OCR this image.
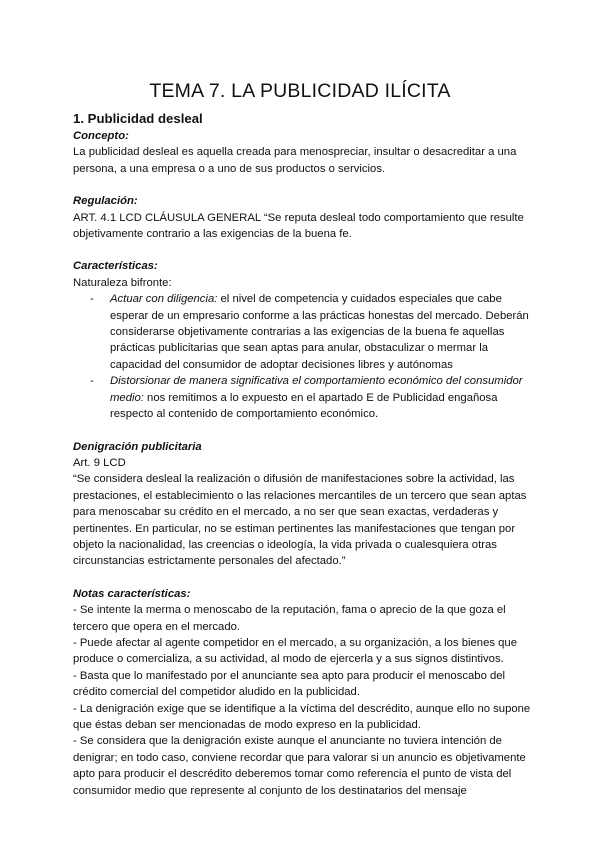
TEMA 7. LA PUBLICIDAD ILÍCITA

1. Publicidad desleal

Concepto:

La publicidad desleal es aquella creada para menospreciar, insultar o desacreditar a una persona, a una empresa o a uno de sus productos o servicios.

Regulación:

ART. 4.1 LCD CLÁUSULA GENERAL “Se reputa desleal todo comportamiento que resulte objetivamente contrario a las exigencias de la buena fe.

Características:

Naturaleza bifronte:

- Actuar con diligencia: el nivel de competencia y cuidados especiales que cabe esperar de un empresario conforme a las prácticas honestas del mercado. Deberán considerarse objetivamente contrarias a las exigencias de la buena fe aquellas prácticas publicitarias que sean aptas para anular, obstaculizar o mermar la capacidad del consumidor de adoptar decisiones libres y autónomas
- Distorsionar de manera significativa el comportamiento económico del consumidor medio: nos remitimos a lo expuesto en el apartado E de Publicidad engañosa respecto al contenido de comportamiento económico.

Denigración publicitaria

Art. 9 LCD

“Se considera desleal la realización o difusión de manifestaciones sobre la actividad, las prestaciones, el establecimiento o las relaciones mercantiles de un tercero que sean aptas para menoscabar su crédito en el mercado, a no ser que sean exactas, verdaderas y pertinentes. En particular, no se estiman pertinentes las manifestaciones que tengan por objeto la nacionalidad, las creencias o ideología, la vida privada o cualesquiera otras circunstancias estrictamente personales del afectado.”

Notas características:

- Se intente la merma o menoscabo de la reputación, fama o aprecio de la que goza el tercero que opera en el mercado.

- Puede afectar al agente competidor en el mercado, a su organización, a los bienes que produce o comercializa, a su actividad, al modo de ejercerla y a sus signos distintivos.

- Basta que lo manifestado por el anunciante sea apto para producir el menoscabo del crédito comercial del competidor aludido en la publicidad.

- La denigración exige que se identifique a la víctima del descrédito, aunque ello no supone que éstas deban ser mencionadas de modo expreso en la publicidad.

- Se considera que la denigración existe aunque el anunciante no tuviera intención de denigrar; en todo caso, conviene recordar que para valorar si un anuncio es objetivamente apto para producir el descrédito deberemos tomar como referencia el punto de vista del consumidor medio que represente al conjunto de los destinatarios del mensaje
